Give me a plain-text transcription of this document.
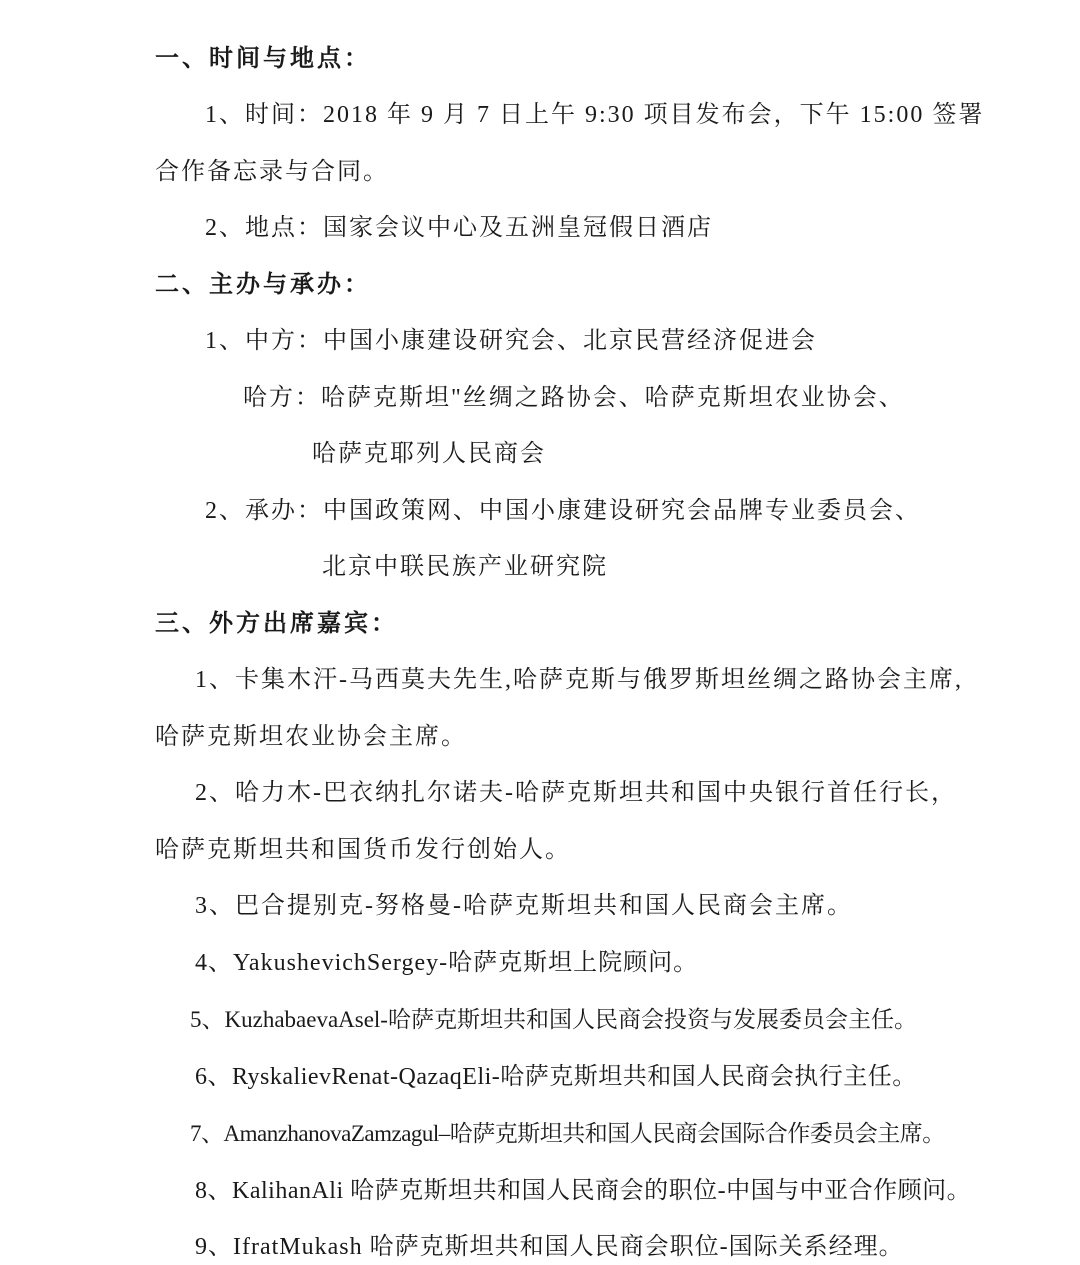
一、时间与地点：
1、时间：2018 年 9 月 7 日上午 9:30 项目发布会，下午 15:00 签署
合作备忘录与合同。
2、地点：国家会议中心及五洲皇冠假日酒店
二、主办与承办：
1、中方：中国小康建设研究会、北京民营经济促进会
哈方：哈萨克斯坦"丝绸之路协会、哈萨克斯坦农业协会、
哈萨克耶列人民商会
2、承办：中国政策网、中国小康建设研究会品牌专业委员会、
北京中联民族产业研究院
三、外方出席嘉宾：
1、卡集木汗-马西莫夫先生,哈萨克斯与俄罗斯坦丝绸之路协会主席,
哈萨克斯坦农业协会主席。
2、哈力木-巴衣纳扎尔诺夫-哈萨克斯坦共和国中央银行首任行长，
哈萨克斯坦共和国货币发行创始人。
3、巴合提别克-努格曼-哈萨克斯坦共和国人民商会主席。
4、YakushevichSergey-哈萨克斯坦上院顾问。
5、KuzhabaevaAsel-哈萨克斯坦共和国人民商会投资与发展委员会主任。
6、RyskalievRenat-QazaqEli-哈萨克斯坦共和国人民商会执行主任。
7、AmanzhanovaZamzagul–哈萨克斯坦共和国人民商会国际合作委员会主席。
8、KalihanAli 哈萨克斯坦共和国人民商会的职位-中国与中亚合作顾问。
9、IfratMukash 哈萨克斯坦共和国人民商会职位-国际关系经理。
